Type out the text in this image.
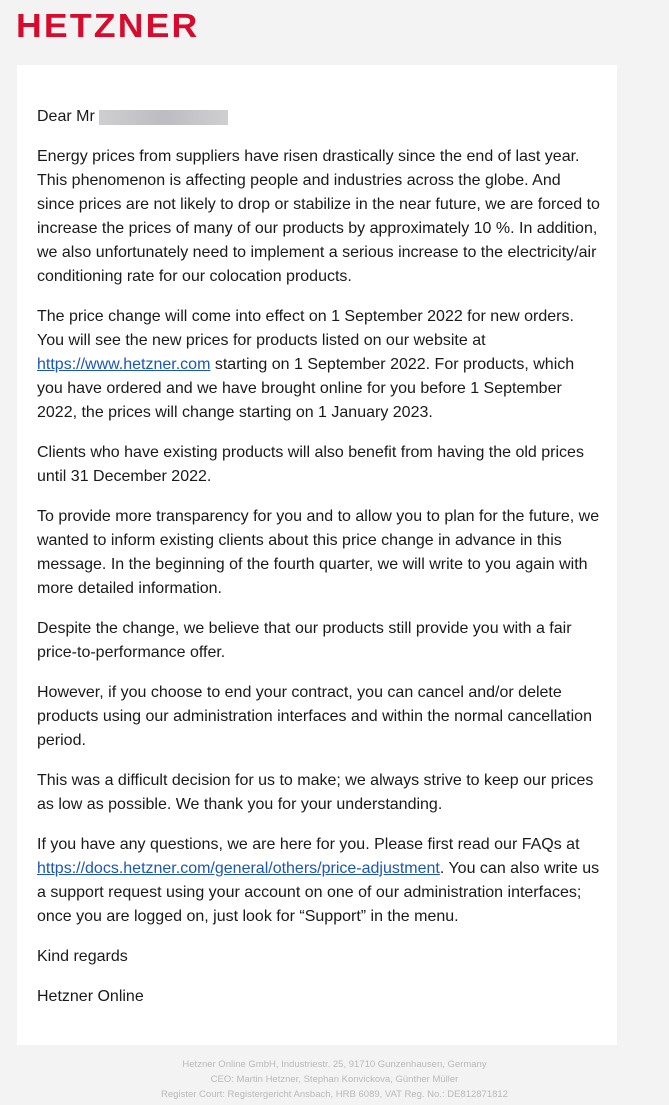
HETZNER

Dear Mr

Energy prices from suppliers have risen drastically since the end of last year. This phenomenon is affecting people and industries across the globe. And since prices are not likely to drop or stabilize in the near future, we are forced to increase the prices of many of our products by approximately 10 %. In addition, we also unfortunately need to implement a serious increase to the electricity/air conditioning rate for our colocation products.

The price change will come into effect on 1 September 2022 for new orders. You will see the new prices for products listed on our website at https://www.hetzner.com starting on 1 September 2022. For products, which you have ordered and we have brought online for you before 1 September 2022, the prices will change starting on 1 January 2023.

Clients who have existing products will also benefit from having the old prices until 31 December 2022.

To provide more transparency for you and to allow you to plan for the future, we wanted to inform existing clients about this price change in advance in this message. In the beginning of the fourth quarter, we will write to you again with more detailed information.

Despite the change, we believe that our products still provide you with a fair price-to-performance offer.

However, if you choose to end your contract, you can cancel and/or delete products using our administration interfaces and within the normal cancellation period.

This was a difficult decision for us to make; we always strive to keep our prices as low as possible. We thank you for your understanding.

If you have any questions, we are here for you. Please first read our FAQs at https://docs.hetzner.com/general/others/price-adjustment. You can also write us a support request using your account on one of our administration interfaces; once you are logged on, just look for “Support” in the menu.

Kind regards

Hetzner Online

Hetzner Online GmbH, Industriestr. 25, 91710 Gunzenhausen, Germany
CEO: Martin Hetzner, Stephan Konvickova, Günther Müller
Register Court: Registergericht Ansbach, HRB 6089, VAT Reg. No.: DE812871812
